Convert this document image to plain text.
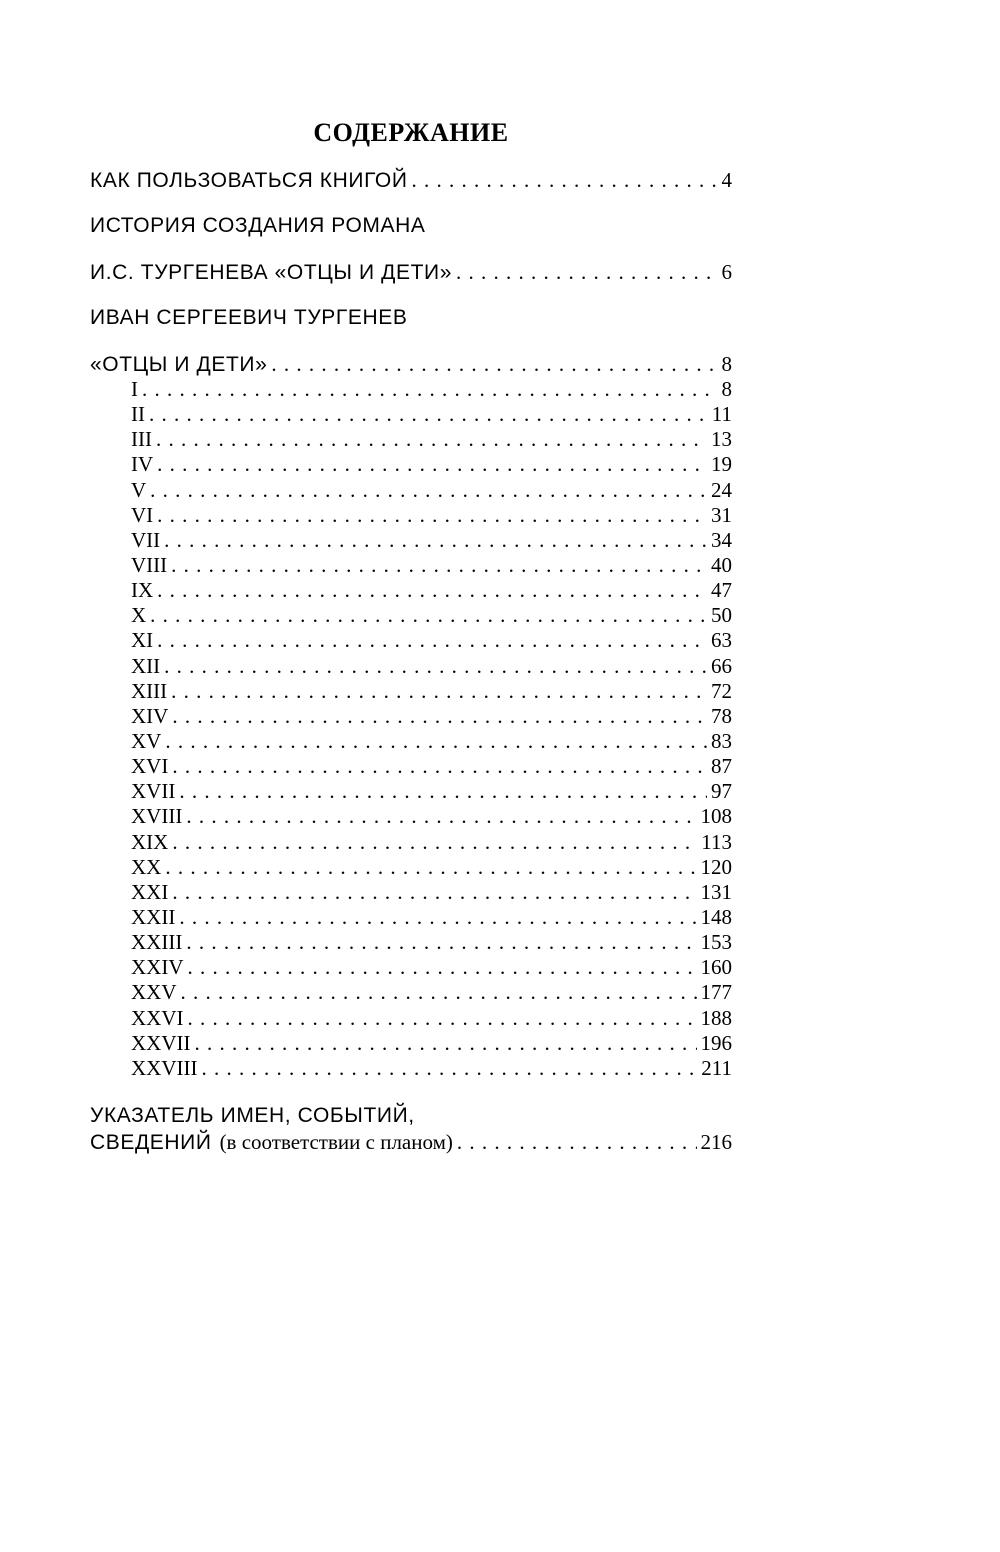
СОДЕРЖАНИЕ
КАК ПОЛЬЗОВАТЬСЯ КНИГОЙ . . .	4
ИСТОРИЯ СОЗДАНИЯ РОМАНА
И.С. ТУРГЕНЕВА «ОТЦЫ И ДЕТИ» . . .	6
ИВАН СЕРГЕЕВИЧ ТУРГЕНЕВ
«ОТЦЫ И ДЕТИ» . . .	8
I . . .	8
II . . .	11
III . . .	13
IV . . .	19
V . . .	24
VI . . .	31
VII . . .	34
VIII . . .	40
IX . . .	47
X . . .	50
XI . . .	63
XII . . .	66
XIII . . .	72
XIV . . .	78
XV . . .	83
XVI . . .	87
XVII . . .	97
XVIII . . .	108
XIX . . .	113
XX . . .	120
XXI . . .	131
XXII . . .	148
XXIII . . .	153
XXIV . . .	160
XXV . . .	177
XXVI . . .	188
XXVII . . .	196
XXVIII . . .	211
УКАЗАТЕЛЬ ИМЕН, СОБЫТИЙ,
СВЕДЕНИЙ (в соответствии с планом) . . .	216
